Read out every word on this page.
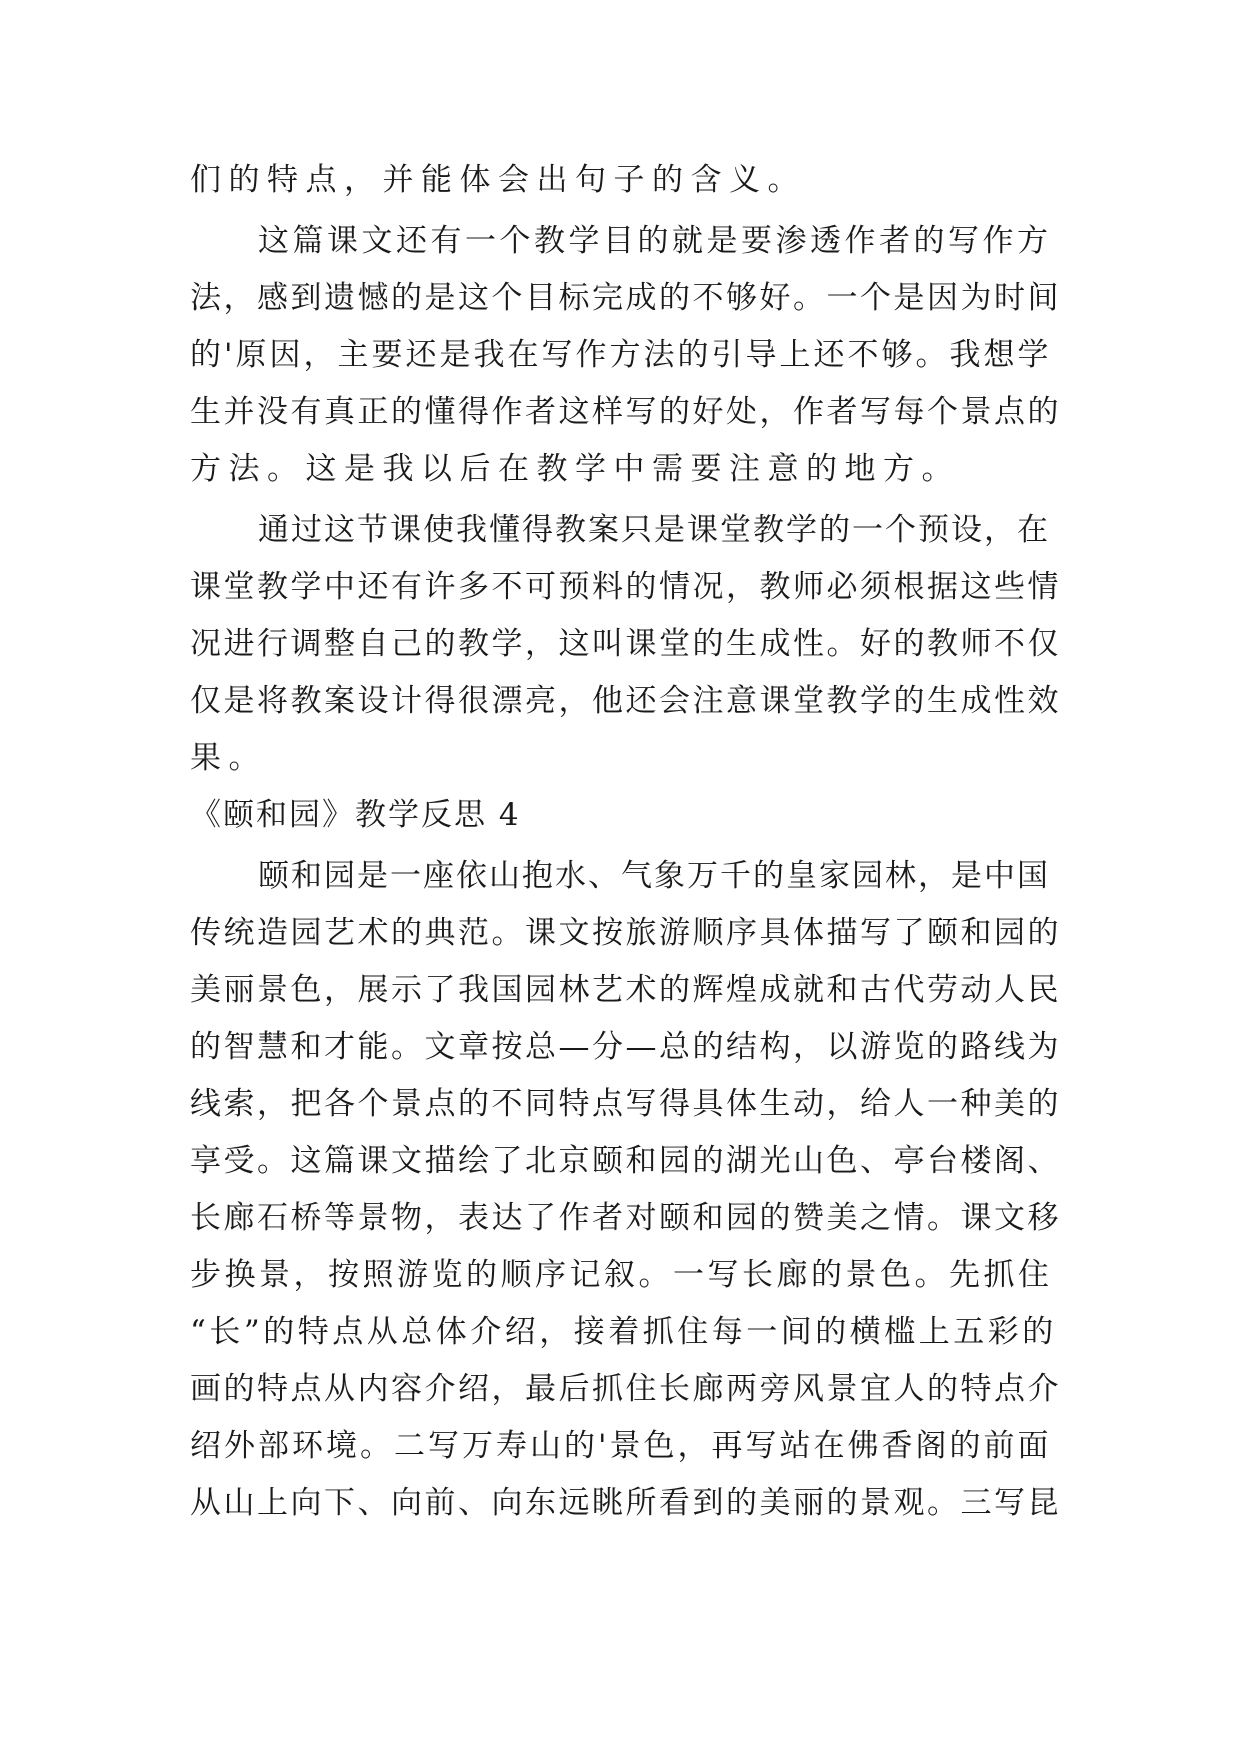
们的特点，并能体会出句子的含义。
这篇课文还有一个教学目的就是要渗透作者的写作方
法，感到遗憾的是这个目标完成的不够好。一个是因为时间
的'原因，主要还是我在写作方法的引导上还不够。我想学
生并没有真正的懂得作者这样写的好处，作者写每个景点的
方法。这是我以后在教学中需要注意的地方。
通过这节课使我懂得教案只是课堂教学的一个预设，在
课堂教学中还有许多不可预料的情况，教师必须根据这些情
况进行调整自己的教学，这叫课堂的生成性。好的教师不仅
仅是将教案设计得很漂亮，他还会注意课堂教学的生成性效
果。
《颐和园》教学反思 4
颐和园是一座依山抱水、气象万千的皇家园林，是中国
传统造园艺术的典范。课文按旅游顺序具体描写了颐和园的
美丽景色，展示了我国园林艺术的辉煌成就和古代劳动人民
的智慧和才能。文章按总—分—总的结构，以游览的路线为
线索，把各个景点的不同特点写得具体生动，给人一种美的
享受。这篇课文描绘了北京颐和园的湖光山色、亭台楼阁、
长廊石桥等景物，表达了作者对颐和园的赞美之情。课文移
步换景，按照游览的顺序记叙。一写长廊的景色。先抓住
“长”的特点从总体介绍，接着抓住每一间的横槛上五彩的
画的特点从内容介绍，最后抓住长廊两旁风景宜人的特点介
绍外部环境。二写万寿山的'景色，再写站在佛香阁的前面
从山上向下、向前、向东远眺所看到的美丽的景观。三写昆
